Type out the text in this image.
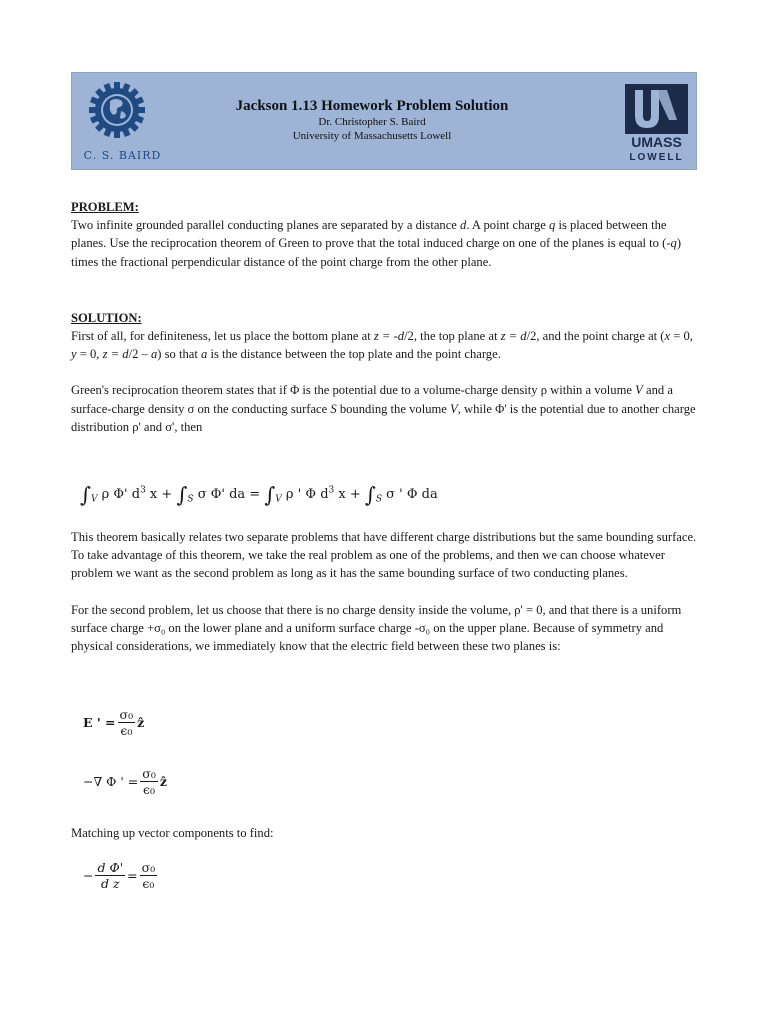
C. S. BAIRD
Jackson 1.13 Homework Problem Solution
Dr. Christopher S. Baird
University of Massachusetts Lowell	UMASS
LOWELL

PROBLEM:

Two infinite grounded parallel conducting planes are separated by a distance d. A point charge q is placed between the planes. Use the reciprocation theorem of Green to prove that the total induced charge on one of the planes is equal to (-q) times the fractional perpendicular distance of the point charge from the other plane.

SOLUTION:

First of all, for definiteness, let us place the bottom plane at z = -d/2, the top plane at z = d/2, and the point charge at (x = 0, y = 0, z = d/2 – a) so that a is the distance between the top plate and the point charge.

Green's reciprocation theorem states that if Φ is the potential due to a volume-charge density ρ within a volume V and a surface-charge density σ on the conducting surface S bounding the volume V, while Φ' is the potential due to another charge distribution ρ' and σ', then

$\int_V$ ρ Φ' $d^3$ $x + \int_S$ σ Φ' da = $\int_V$ ρ ' Φ $d^3$ $x + \int_S$ σ ' Φ da

This theorem basically relates two separate problems that have different charge distributions but the same bounding surface. To take advantage of this theorem, we take the real problem as one of the problems, and then we can choose whatever problem we want as the second problem as long as it has the same bounding surface of two conducting planes.

For the second problem, let us choose that there is no charge density inside the volume, ρ' = 0, and that there is a uniform surface charge +σ₀ on the lower plane and a uniform surface charge -σ₀ on the upper plane. Because of symmetry and physical considerations, we immediately know that the electric field between these two planes is:

E ' = $\frac{\text{σ₀}}{\text{ϵ₀}}$ ẑ
−∇ Φ ' = $\frac{\text{σ₀}}{\text{ϵ₀}}$ ẑ

Matching up vector components to find:

− $\frac{\text{d Φ'}}{\text{d z}} = \frac{\text{σ₀}}{\text{ϵ₀}}$
